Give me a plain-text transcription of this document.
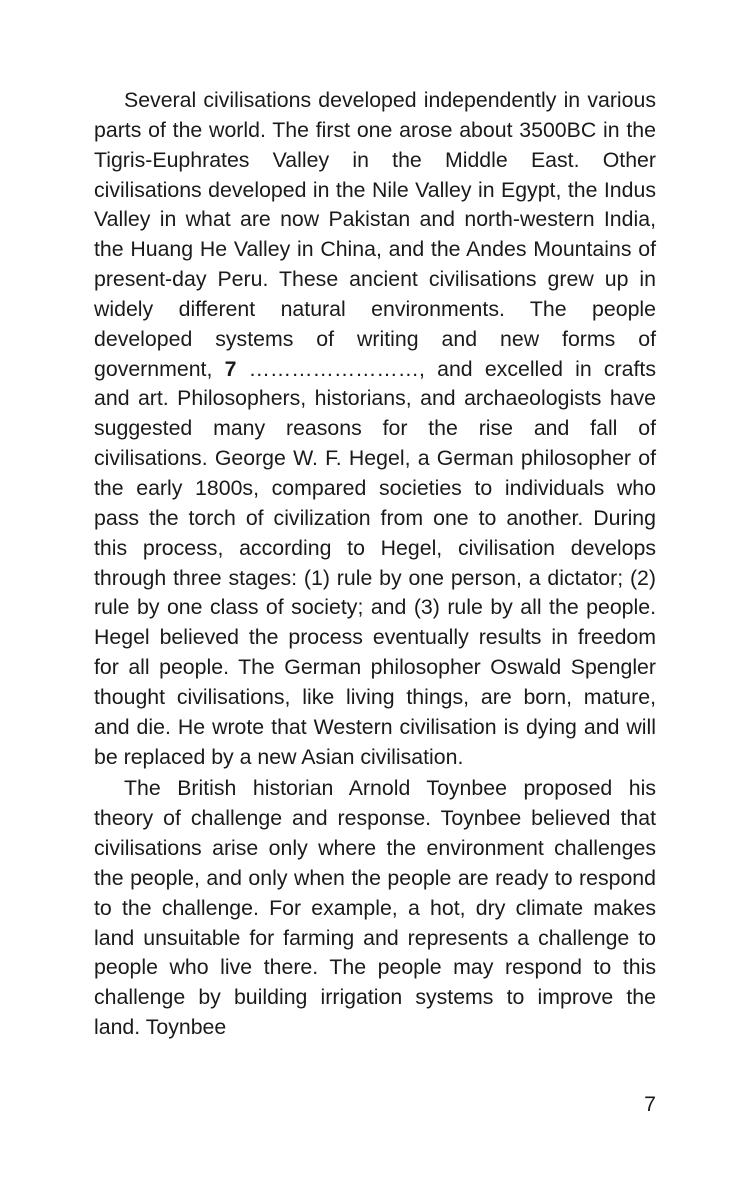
Several civilisations developed independently in various parts of the world. The first one arose about 3500BC in the Tigris-Euphrates Valley in the Middle East. Other civilisations developed in the Nile Valley in Egypt, the Indus Valley in what are now Pakistan and north-western India, the Huang He Valley in China, and the Andes Mountains of present-day Peru. These ancient civilisations grew up in widely different natural environments. The people developed systems of writing and new forms of government, 7 ……………………, and excelled in crafts and art. Philosophers, historians, and archaeologists have suggested many reasons for the rise and fall of civilisations. George W. F. Hegel, a German philosopher of the early 1800s, compared societies to individuals who pass the torch of civilization from one to another. During this process, according to Hegel, civilisation develops through three stages: (1) rule by one person, a dictator; (2) rule by one class of society; and (3) rule by all the people. Hegel believed the process eventually results in freedom for all people. The German philosopher Oswald Spengler thought civilisations, like living things, are born, mature, and die. He wrote that Western civilisation is dying and will be replaced by a new Asian civilisation.

The British historian Arnold Toynbee proposed his theory of challenge and response. Toynbee believed that civilisations arise only where the environment challenges the people, and only when the people are ready to respond to the challenge. For example, a hot, dry climate makes land unsuitable for farming and represents a challenge to people who live there. The people may respond to this challenge by building irrigation systems to improve the land. Toynbee

7
